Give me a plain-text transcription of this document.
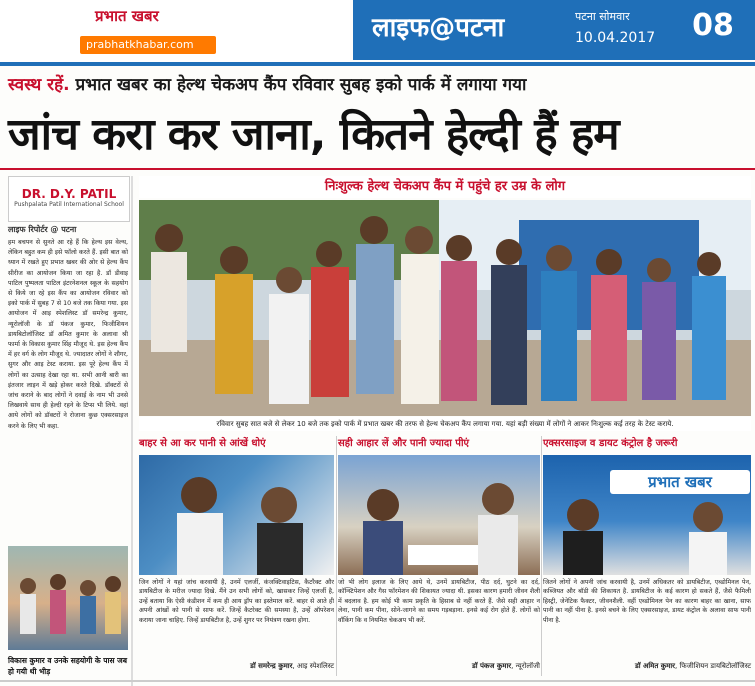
प्रभात खबर
prabhatkhabar.com
लाइफ@पटना	पटना सोमवार
10.04.2017	08
स्वस्थ रहें. प्रभात खबर का हेल्थ चेकअप कैंप रविवार सुबह इको पार्क में लगाया गया
जांच करा कर जाना, कितने हेल्दी हैं हम
DR. D.Y. PATIL
Pushpalata Patil International School
लाइफ रिपोर्टर @ पटना
हम बचपन से सुनते आ रहे हैं कि हेल्थ इस वेल्थ, लेकिन बहुत कम ही इसे फॉलो करते हैं. इसी बात को ध्यान में रखते हुए प्रभात खबर की ओर से हेल्थ कैंप सीरीज का आयोजन किया जा रहा है. डॉ डीवाइ पाटिल पुष्पलता पाटिल इंटरनेशनल स्कूल के सहयोग से किये जा रहे इस कैंप का आयोजन रविवार को इको पार्क में सुबह 7 से 10 बजे तक किया गया. इस आयोजन में आइ स्पेशलिस्ट डॉ समरेन्द्र कुमार, न्यूरोलॉजी के डॉ पंकज कुमार, फिजीशियन डायबिटोलॉजिस्ट डॉ अमित कुमार के अलावा श्री फार्मा के विकास कुमार सिंह मौजूद थे. इस हेल्थ कैंप में हर वर्ग के लोग मौजूद थे. ज्यादातर लोगों ने शौगर, सुगर और आइ टेस्ट कराया. इस पूरे हेल्थ कैंप में लोगों का उत्साह देखा रहा था. सभी आनी बारी का इंतजार लाइन में खड़े होकर करते दिखे. डॉक्टरों से जांच कराने के बाद लोगों ने दवाई के नाम भी उनसे लिखवाये साथ ही हेल्दी रहने के टिप्स भी लिये. वहां आये लोगों को डॉक्टरों ने रोजाना कुछ एक्सरसाइज करने के लिए भी कहा.
विकास कुमार व उनके सहयोगी के पास जब हो गयी थी भीड़
निःशुल्क हेल्थ चेकअप कैंप में पहुंचे हर उम्र के लोग
रविवार सुबह सात बजे से लेकर 10 बजे तक इको पार्क में प्रभात खबर की तरफ से हेल्थ चेकअप कैंप लगाया गया. यहां बड़ी संख्या में लोगों ने आकर निःशुल्क कई तरह के टेस्ट कराये.
बाहर से आ कर पानी से आंखें धोएं	सही आहार लें और पानी ज्यादा पीएं	एक्सरसाइज व डायट कंट्रोल है जरूरी
प्रभात खबर
जिन लोगों ने यहां जांच करवायी है, उनमें एलर्जी, कंजक्टिवाइटिस, कैटरैक्ट और डायबिटीज के मरीज ज्यादा दिखे. मैंने उन सभी लोगों को, खासकर जिन्हें एलर्जी है, उन्हें बताया कि ऐसी कंडीशन में कम ही आय ड्रॉप का इस्तेमाल करें. बाहर से आते ही अपनी आंखों को पानी से साफ करें. जिन्हें कैटरेक्ट की समस्या है, उन्हें ऑपरेशन कराया जाना चाहिए. जिन्हें डायबिटीज है, उन्हें शुगर पर नियंत्रण रखना होगा.
जो भी लोग इलाज के लिए आये थे, उनमें डायबिटीज, पीठ दर्द, घुटने का दर्द, कॉन्स्टिपेशन और गैस फॉरमेशन की शिकायत ज्यादा थी. इसका कारण हमारी जीवन शैली में बदलाव है. हम कोई भी काम प्रकृति के हिसाब से नहीं करते हैं. जैसे सही आहार न लेना, पानी कम पीना, सोने-जागने का समय गड़बड़ाना. इनसे कई रोग होते हैं. लोगों को वॉकिंग कि व नियमित चेकअप भी करें.
जितने लोगों ने अपनी जांच करवायी है, उनमें अधिकतर को डायबिटीज, एब्डोमिनल पेन, कब्जियत और बॉडी की शिकायत है. डायबिटीज के कई कारण हो सकते हैं, जैसे फैमिली हिस्ट्री, जेनेटिक फैक्टर, जीवनशैली. वहीं एब्डोमिनल पेन का कारण बाहर का खाना, साफ पानी का नहीं पीना है. इनसे बचने के लिए एक्सरसाइज, डायट कंट्रोल के अलावा साफ पानी पीना है.
डॉ समरेन्द्र कुमार, आइ स्पेशलिस्ट	डॉ पंकज कुमार, न्यूरोलॉजी	डॉ अमित कुमार, फिजीशियन डायबिटोलॉजिस्ट
